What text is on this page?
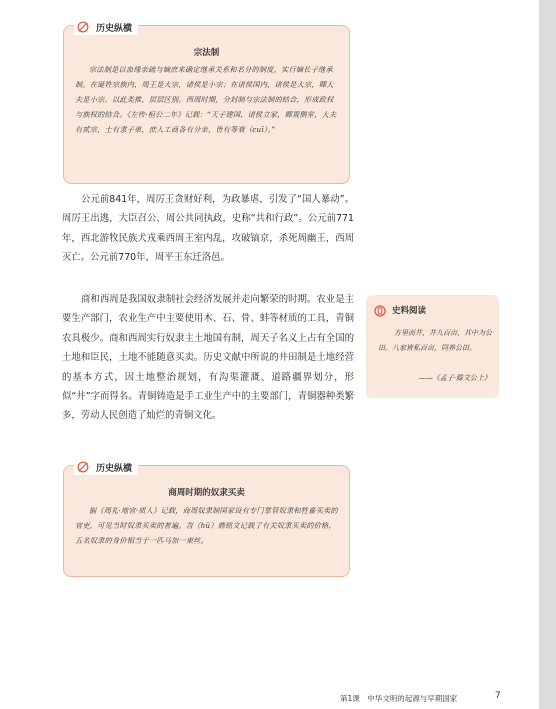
历史纵横
宗法制

宗法制是以血缘亲疏与嫡庶来确定继承关系和名分的制度，实行嫡长子继承制。在诞姓宗族内，周王是大宗，诸侯是小宗；在诸侯国内，诸侯是大宗，卿大夫是小宗。以此类推，层层区别。西周时期，分封制与宗法制的结合，形成政权与族权的结合。《左传·桓公二年》记载：“天子建国，诸侯立家，卿置侧室，大夫有贰宗，士有隶子弟，庶人工商各有分亲，皆有等衰（cuī）。”

公元前841年，周厉王贪财好利，为政暴虐，引发了“国人暴动”。周厉王出逃，大臣召公、周公共同执政，史称“共和行政”。公元前771年，西北游牧民族犬戎乘西周王室内乱，攻破镐京，杀死周幽王，西周灭亡。公元前770年，周平王东迁洛邑。

商和西周是我国奴隶制社会经济发展并走向繁荣的时期。农业是主要生产部门，农业生产中主要使用木、石、骨、蚌等材质的工具，青铜农具极少。商和西周实行奴隶主土地国有制，周天子名义上占有全国的土地和臣民，土地不能随意买卖。历史文献中所说的井田制是土地经营的基本方式，因土地整治规划，有沟渠灌溉、道路疆界划分，形似“井”字而得名。青铜铸造是手工业生产中的主要部门，青铜器种类繁多，劳动人民创造了灿烂的青铜文化。

史料阅读

方里而井，井九百亩，其中为公田。八家皆私百亩，同养公田。

——《孟子·滕文公上》
历史纵横
商周时期的奴隶买卖

据《周礼·地官·质人》记载，商周奴隶制国家设有专门掌管奴隶和牲畜买卖的官吏，可见当时奴隶买卖的普遍。曶（hū）鼎铭文记载了有关奴隶买卖的价格，五名奴隶的身价相当于一匹马加一束丝。

第1课　中华文明的起源与早期国家	7
